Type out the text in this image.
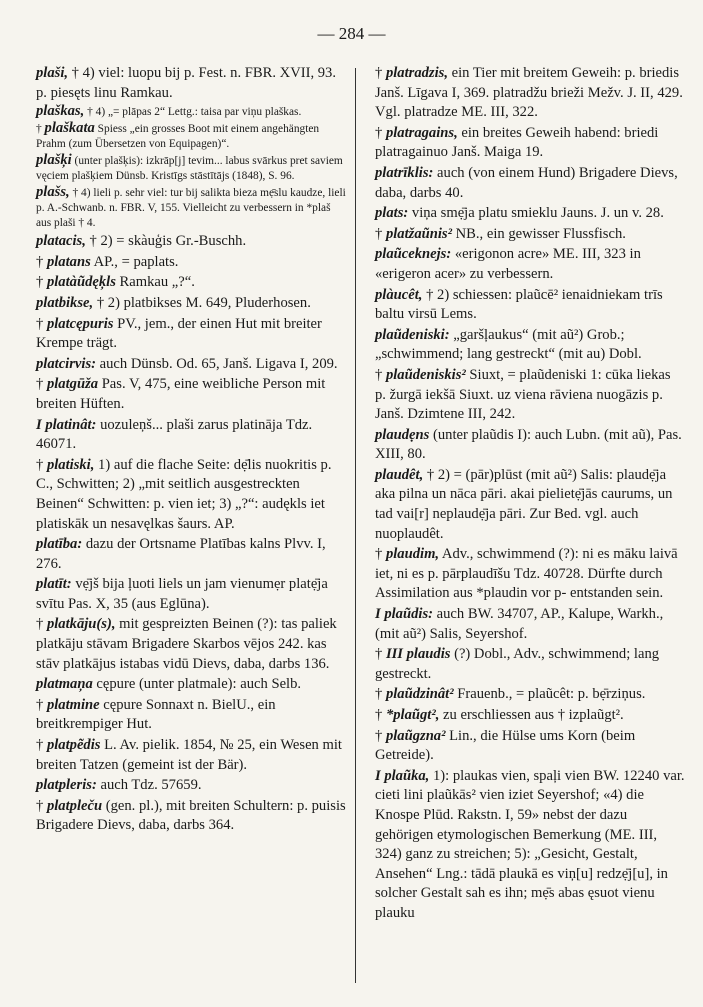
— 284 —

plaši, † 4) viel: luopu bij p. Fest. n. FBR. XVII, 93. p. piesęts linu Ramkau.

plaškas, † 4) „= plāpas 2“ Lettg.: taisa par viņu plaškas.

† plaškata Spiess „ein grosses Boot mit einem angehängten Prahm (zum Übersetzen von Equipagen)“.

plašķi (unter plašķis): izkrāp[j] tevim... labus svārkus pret saviem vęciem plašķiem Dünsb. Kristīgs stāstītājs (1848), S. 96.

plašs, † 4) lieli p. sehr viel: tur bij salikta bieza mẹ̄slu kaudze, lieli p. A.-Schwanb. n. FBR. V, 155. Vielleicht zu verbessern in *plaš aus plaši † 4.

platacis, † 2) = skàuģis Gr.-Buschh.

† platans AP., = paplats.

† platàũdęķls Ramkau „?“.

platbikse, † 2) platbikses M. 649, Pluderhosen.

† platcępuris PV., jem., der einen Hut mit breiter Krempe trägt.

platcirvis: auch Dünsb. Od. 65, Janš. Ligava I, 209.

† platgūža Pas. V, 475, eine weibliche Person mit breiten Hüften.

I platinât: uozuleņš... plaši zarus platināja Tdz. 46071.

† platiski, 1) auf die flache Seite: dẹ̄lis nuokritis p. C., Schwitten; 2) „mit seitlich ausgestreckten Beinen“ Schwitten: p. vien iet; 3) „?“: audękls iet platiskāk un nesavęlkas šaurs. AP.

platība: dazu der Ortsname Platības kalns Plvv. I, 276.

platīt: vẹ̄jš bija ļuoti liels un jam vienumẹr platẹ̄ja svītu Pas. X, 35 (aus Eglūna).

† platkāju(s), mit gespreizten Beinen (?): tas paliek platkāju stāvam Brigadere Skarbos vējos 242. kas stāv platkājus istabas vidū Dievs, daba, darbs 136.

platmaņa cępure (unter platmale): auch Selb.

† platmine cępure Sonnaxt n. BielU., ein breitkrempiger Hut.

† platpẽdis L. Av. pielik. 1854, № 25, ein Wesen mit breiten Tatzen (gemeint ist der Bär).

platpleris: auch Tdz. 57659.

† platpleču (gen. pl.), mit breiten Schultern: p. puisis Brigadere Dievs, daba, darbs 364.

† platradzis, ein Tier mit breitem Geweih: p. briedis Janš. Līgava I, 369. platradžu brieži Mežv. J. II, 429. Vgl. platradze ME. III, 322.

† platragains, ein breites Geweih habend: briedi platragainuo Janš. Maiga 19.

platrīklis: auch (von einem Hund) Brigadere Dievs, daba, darbs 40.

plats: viņa smẹ̄ja platu smieklu Jauns. J. un v. 28.

† platžaũnis² NB., ein gewisser Flussfisch.

plaũceknejs: «erigonon acre» ME. III, 323 in «erigeron acer» zu verbessern.

plàucêt, † 2) schiessen: plaũcē² ienaidniekam trīs baltu virsū Lems.

plaũdeniski: „garšļaukus“ (mit aũ²) Grob.; „schwimmend; lang gestreckt“ (mit au) Dobl.

† plaũdeniskis² Siuxt, = plaũdeniski 1: cūka liekas p. žurgā iekšā Siuxt. uz viena rāviena nuogāzis p. Janš. Dzimtene III, 242.

plaudẹns (unter plaũdis I): auch Lubn. (mit aũ), Pas. XIII, 80.

plaudêt, † 2) = (pār)plūst (mit aũ²) Salis: plaudẹ̄ja aka pilna un nāca pāri. akai pielietẹ̄jās caurums, un tad vai[r] neplaudẹ̄ja pāri. Zur Bed. vgl. auch nuoplaudêt.

† plaudim, Adv., schwimmend (?): ni es māku laivā iet, ni es p. pārplaudīšu Tdz. 40728. Dürfte durch Assimilation aus *plaudin vor p- entstanden sein.

I plaũdis: auch BW. 34707, AP., Kalupe, Warkh., (mit aũ²) Salis, Seyershof.

† III plaudis (?) Dobl., Adv., schwimmend; lang gestreckt.

† plaũdzinât² Frauenb., = plaũcêt: p. bẹ̄rziņus.

† *plaũgt², zu erschliessen aus † izplaũgt².

† plaũgzna² Lin., die Hülse ums Korn (beim Getreide).

I plaũka, 1): plaukas vien, spaļi vien BW. 12240 var. cieti lini plaũkās² vien iziet Seyershof; «4) die Knospe Plūd. Rakstn. I, 59» nebst der dazu gehörigen etymologischen Bemerkung (ME. III, 324) ganz zu streichen; 5): „Gesicht, Gestalt, Ansehen“ Lng.: tādā plaukā es viņ[u] redzẹ̄j[u], in solcher Gestalt sah es ihn; mẹ̄s abas ęsuot vienu plauku
